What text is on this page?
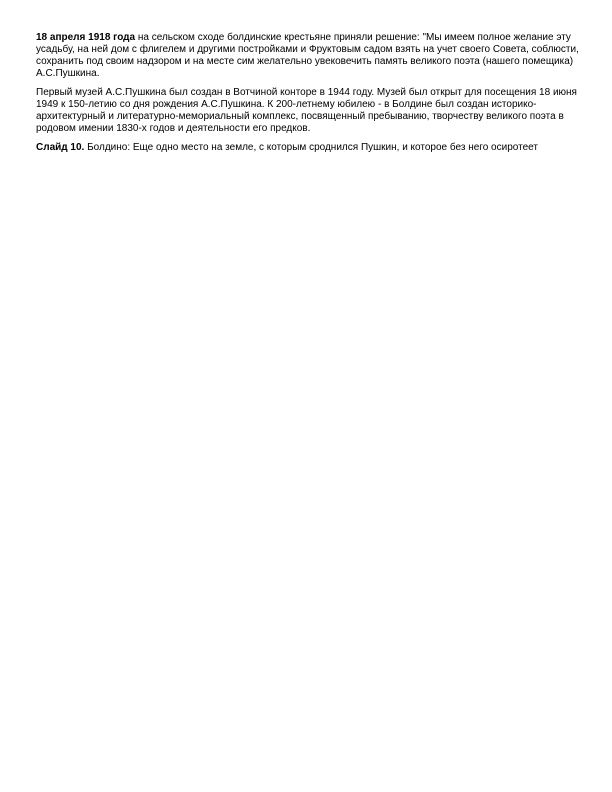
18 апреля 1918 года на сельском сходе болдинские крестьяне приняли решение: "Мы имеем полное желание эту усадьбу, на ней дом с флигелем и другими постройками и Фруктовым садом взять на учет своего Совета, соблюсти, сохранить под своим надзором и на месте сим желательно увековечить память великого поэта (нашего помещика) А.С.Пушкина.

Первый музей А.С.Пушкина был создан в Вотчиной конторе в 1944 году. Музей был открыт для посещения 18 июня 1949 к 150-летию со дня рождения А.С.Пушкина. К 200-летнему юбилею - в Болдине был создан историко-архитектурный и литературно-мемориальный комплекс, посвященный пребыванию, творчеству великого поэта в родовом имении 1830-х годов и деятельности его предков.

Слайд 10. Болдино: Еще одно место на земле, с которым сроднился Пушкин, и которое без него осиротеет
